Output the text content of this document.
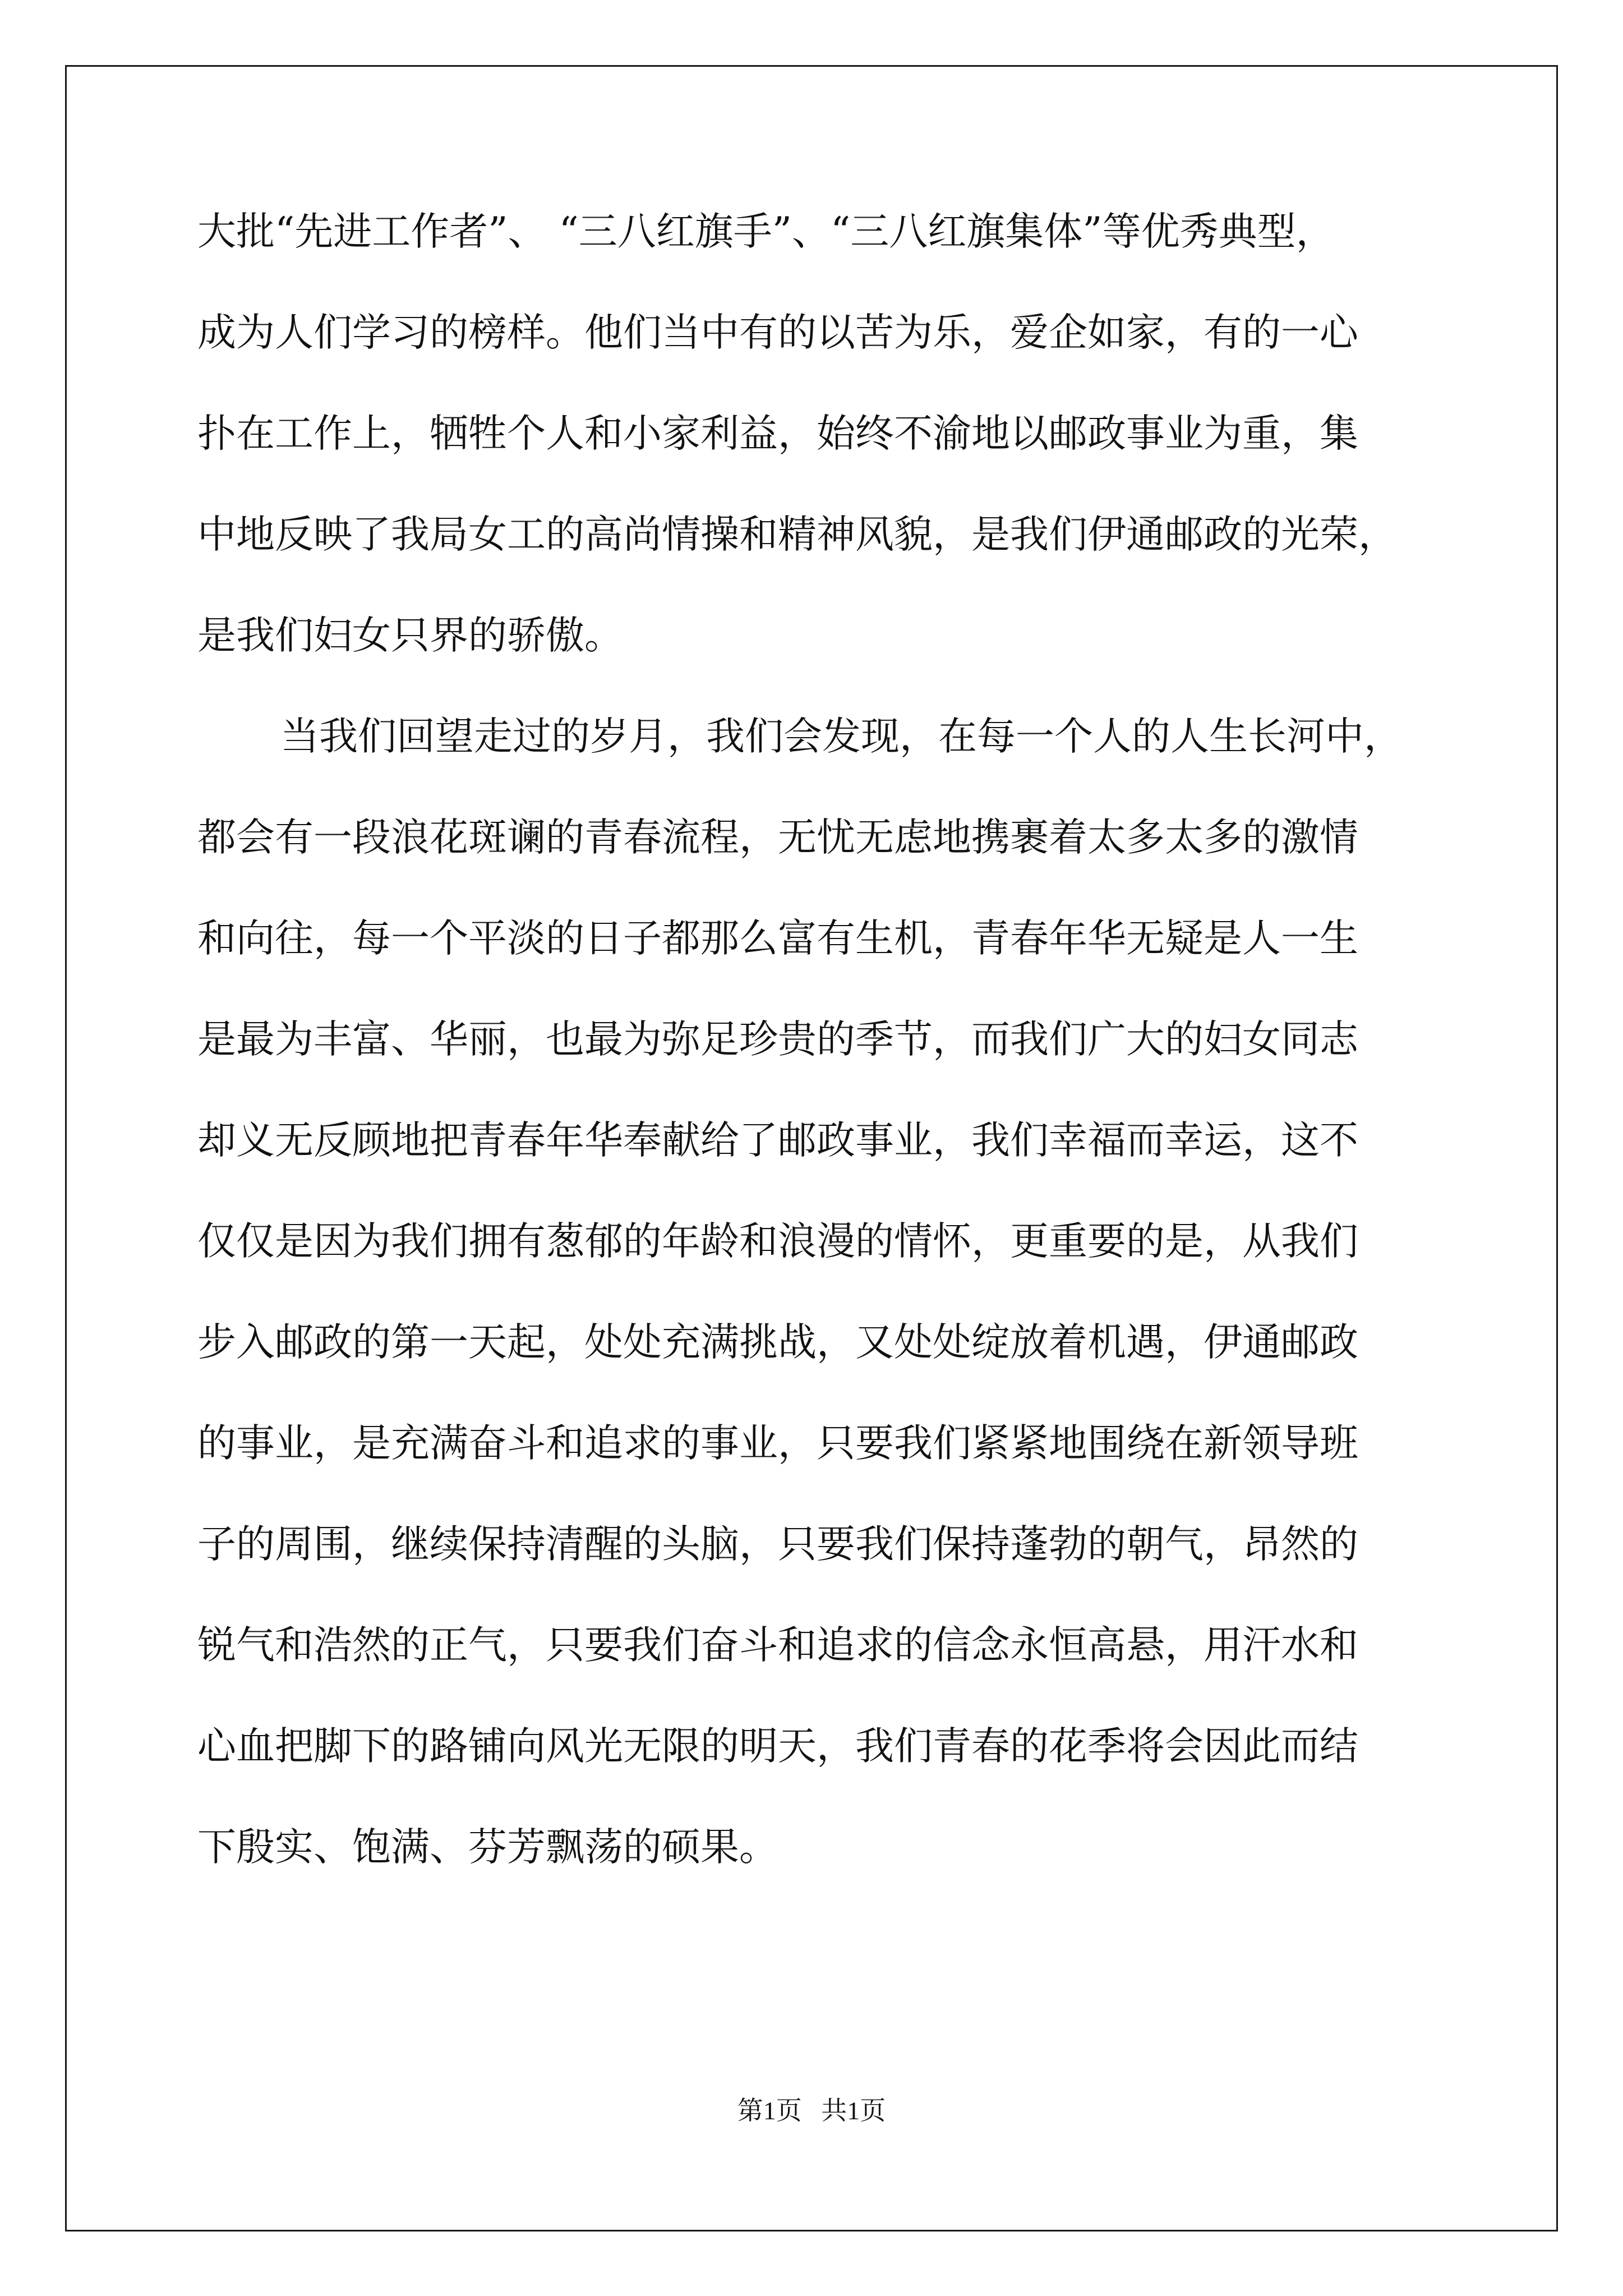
大批“先进工作者”、 “三八红旗手”、“三八红旗集体”等优秀典型，
成为人们学习的榜样。他们当中有的以苦为乐，爱企如家，有的一心
扑在工作上，牺牲个人和小家利益，始终不渝地以邮政事业为重，集
中地反映了我局女工的高尚情操和精神风貌，是我们伊通邮政的光荣，
是我们妇女只界的骄傲。
当我们回望走过的岁月，我们会发现，在每一个人的人生长河中，
都会有一段浪花斑谰的青春流程，无忧无虑地携裹着太多太多的激情
和向往，每一个平淡的日子都那么富有生机，青春年华无疑是人一生
是最为丰富、华丽，也最为弥足珍贵的季节，而我们广大的妇女同志
却义无反顾地把青春年华奉献给了邮政事业，我们幸福而幸运，这不
仅仅是因为我们拥有葱郁的年龄和浪漫的情怀，更重要的是，从我们
步入邮政的第一天起，处处充满挑战，又处处绽放着机遇，伊通邮政
的事业，是充满奋斗和追求的事业，只要我们紧紧地围绕在新领导班
子的周围，继续保持清醒的头脑，只要我们保持蓬勃的朝气，昂然的
锐气和浩然的正气，只要我们奋斗和追求的信念永恒高悬，用汗水和
心血把脚下的路铺向风光无限的明天，我们青春的花季将会因此而结
下殷实、饱满、芬芳飘荡的硕果。
第1页   共1页
